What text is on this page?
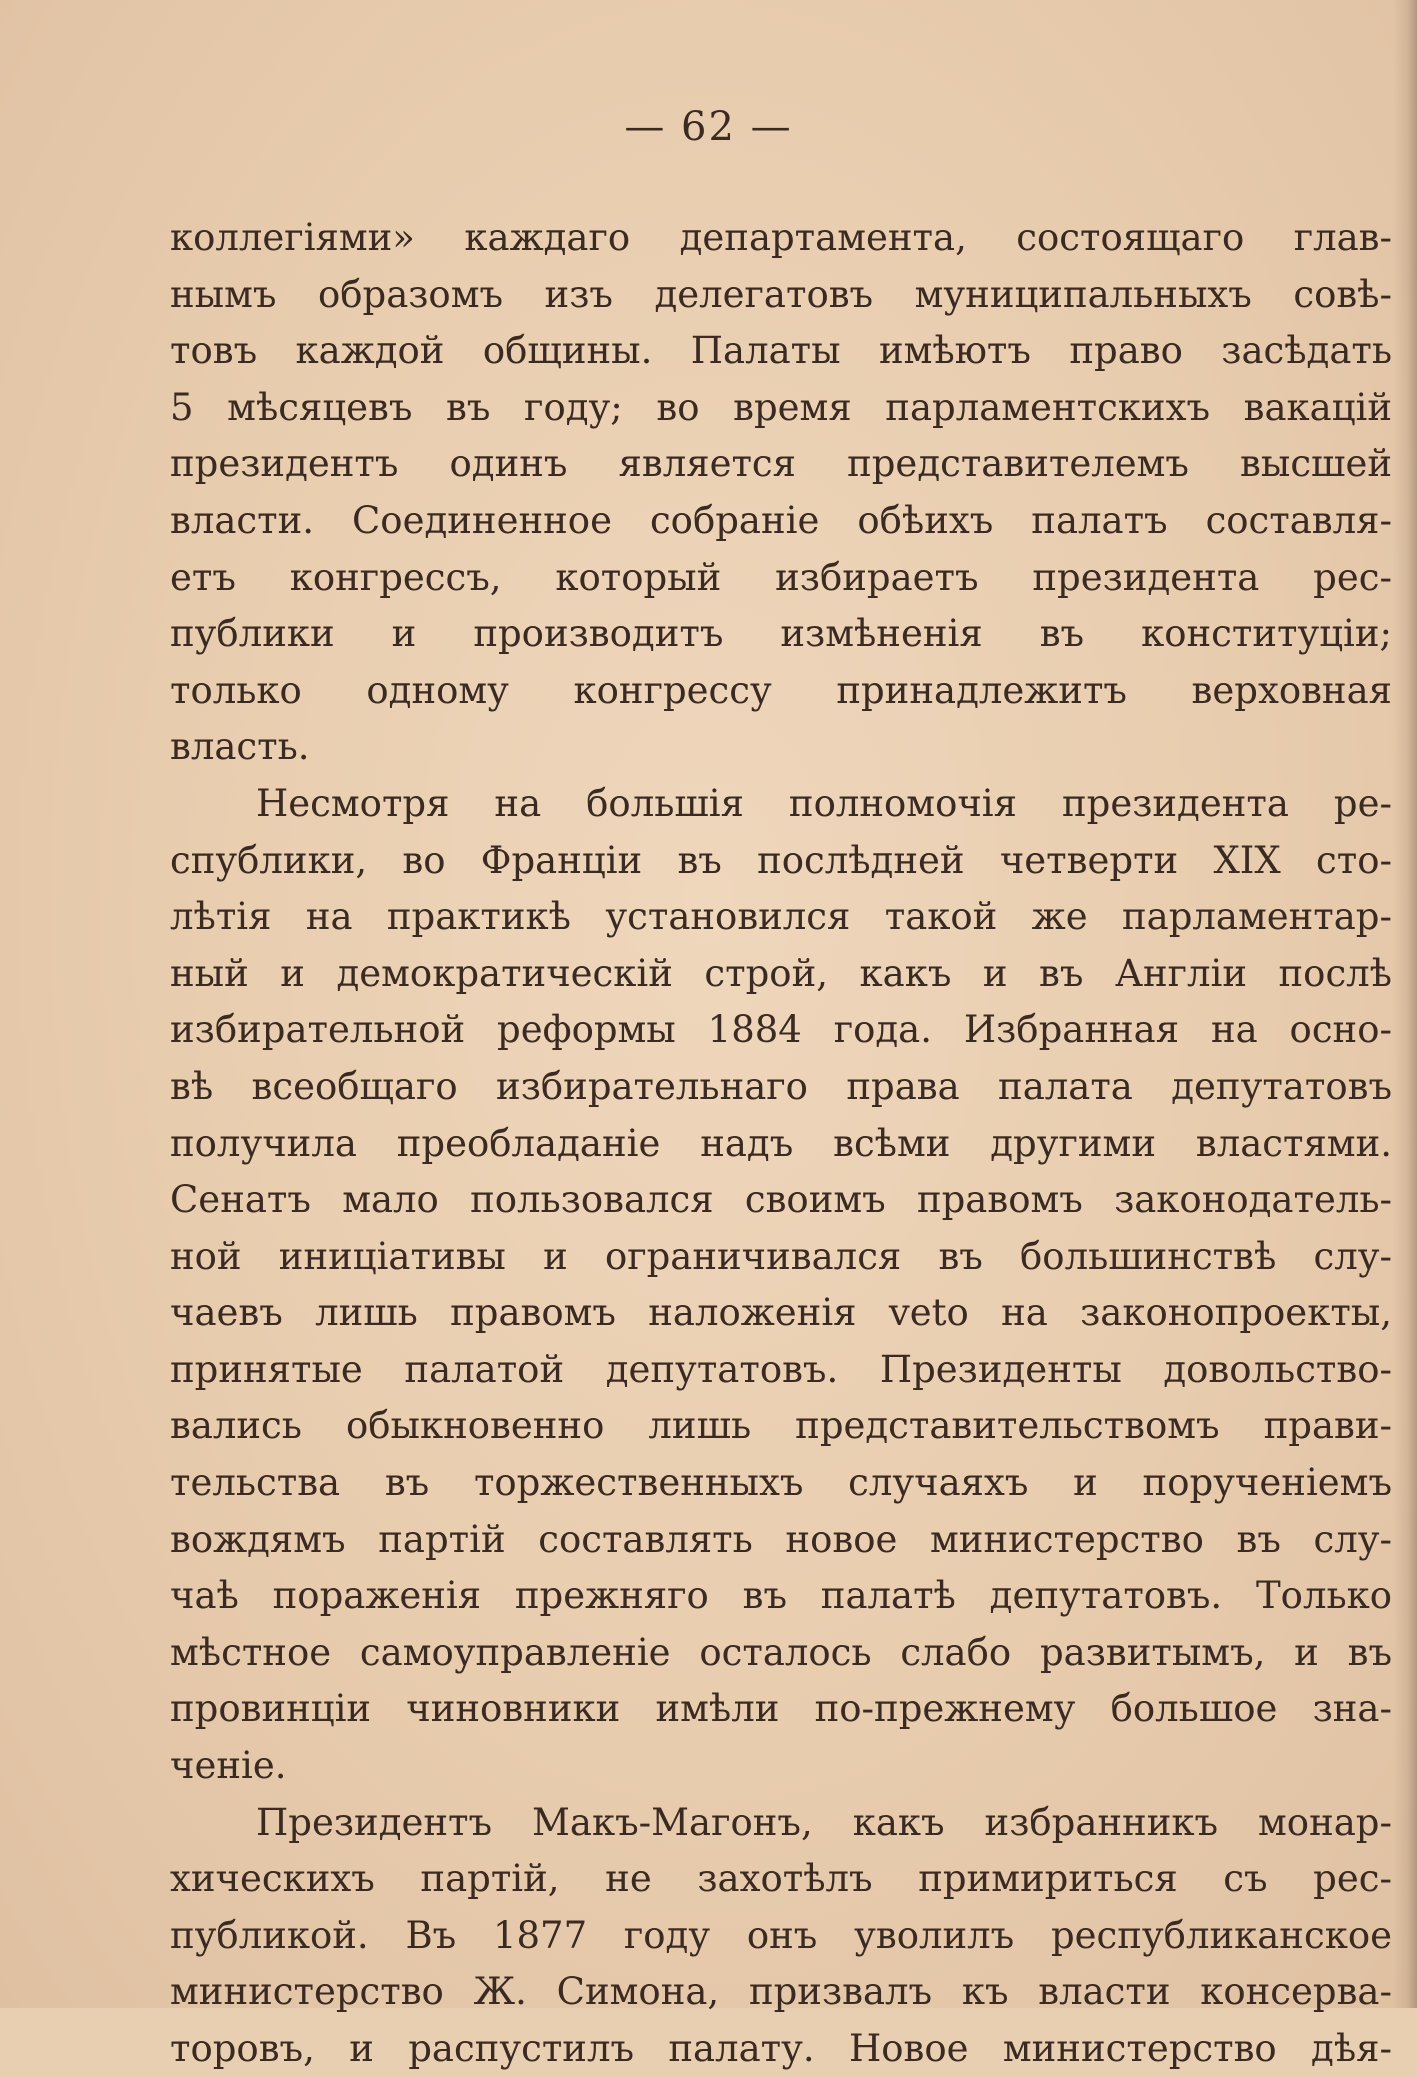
— 62 —
коллегіями» каждаго департамента, состоящаго глав-
нымъ образомъ изъ делегатовъ муниципальныхъ совѣ-
товъ каждой общины. Палаты имѣютъ право засѣдать
5 мѣсяцевъ въ году; во время парламентскихъ вакацій
президентъ одинъ является представителемъ высшей
власти. Соединенное собраніе обѣихъ палатъ составля-
етъ конгрессъ, который избираетъ президента рес-
публики и производитъ измѣненія въ конституціи;
только одному конгрессу принадлежитъ верховная
власть.
Несмотря на большія полномочія президента ре-
спублики, во Франціи въ послѣдней четверти XIX сто-
лѣтія на практикѣ установился такой же парламентар-
ный и демократическій строй, какъ и въ Англіи послѣ
избирательной реформы 1884 года. Избранная на осно-
вѣ всеобщаго избирательнаго права палата депутатовъ
получила преобладаніе надъ всѣми другими властями.
Сенатъ мало пользовался своимъ правомъ законодатель-
ной иниціативы и ограничивался въ большинствѣ слу-
чаевъ лишь правомъ наложенія veto на законопроекты,
принятые палатой депутатовъ. Президенты довольство-
вались обыкновенно лишь представительствомъ прави-
тельства въ торжественныхъ случаяхъ и порученіемъ
вождямъ партій составлять новое министерство въ слу-
чаѣ пораженія прежняго въ палатѣ депутатовъ. Только
мѣстное самоуправленіе осталось слабо развитымъ, и въ
провинціи чиновники имѣли по-прежнему большое зна-
ченіе.
Президентъ Макъ-Магонъ, какъ избранникъ монар-
хическихъ партій, не захотѣлъ примириться съ рес-
публикой. Въ 1877 году онъ уволилъ республиканское
министерство Ж. Симона, призвалъ къ власти консерва-
торовъ, и распустилъ палату. Новое министерство дѣя-
